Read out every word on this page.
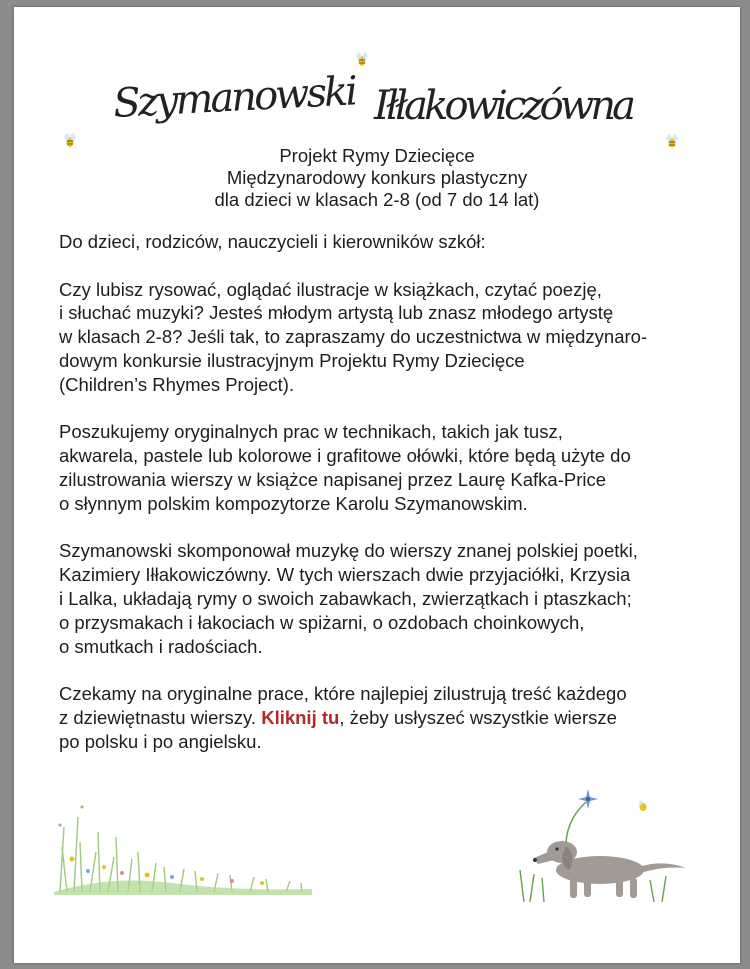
Szymanowski Iłłakowiczówna
Projekt Rymy Dziecięce
Międzynarodowy konkurs plastyczny
dla dzieci w klasach 2-8 (od 7 do 14 lat)
Do dzieci, rodziców, nauczycieli i kierowników szkół:
Czy lubisz rysować, oglądać ilustracje w książkach, czytać poezję,
i słuchać muzyki? Jesteś młodym artystą lub znasz młodego artystę
w klasach 2-8? Jeśli tak, to zapraszamy do uczestnictwa w międzynaro-
dowym konkursie ilustracyjnym Projektu Rymy Dziecięce
(Children’s Rhymes Project).
Poszukujemy oryginalnych prac w technikach, takich jak tusz,
akwarela, pastele lub kolorowe i grafitowe ołówki, które będą użyte do
zilustrowania wierszy w książce napisanej przez Laurę Kafka-Price
o słynnym polskim kompozytorze Karolu Szymanowskim.
Szymanowski skomponował muzykę do wierszy znanej polskiej poetki,
Kazimiery Iłłakowiczówny. W tych wierszach dwie przyjaciółki, Krzysia
i Lalka, układają rymy o swoich zabawkach, zwierzątkach i ptaszkach;
o przysmakach i łakociach w spiżarni, o ozdobach choinkowych,
o smutkach i radościach.
Czekamy na oryginalne prace, które najlepiej zilustrują treść każdego
z dziewiętnastu wierszy. Kliknij tu, żeby usłyszeć wszystkie wiersze
po polsku i po angielsku.
